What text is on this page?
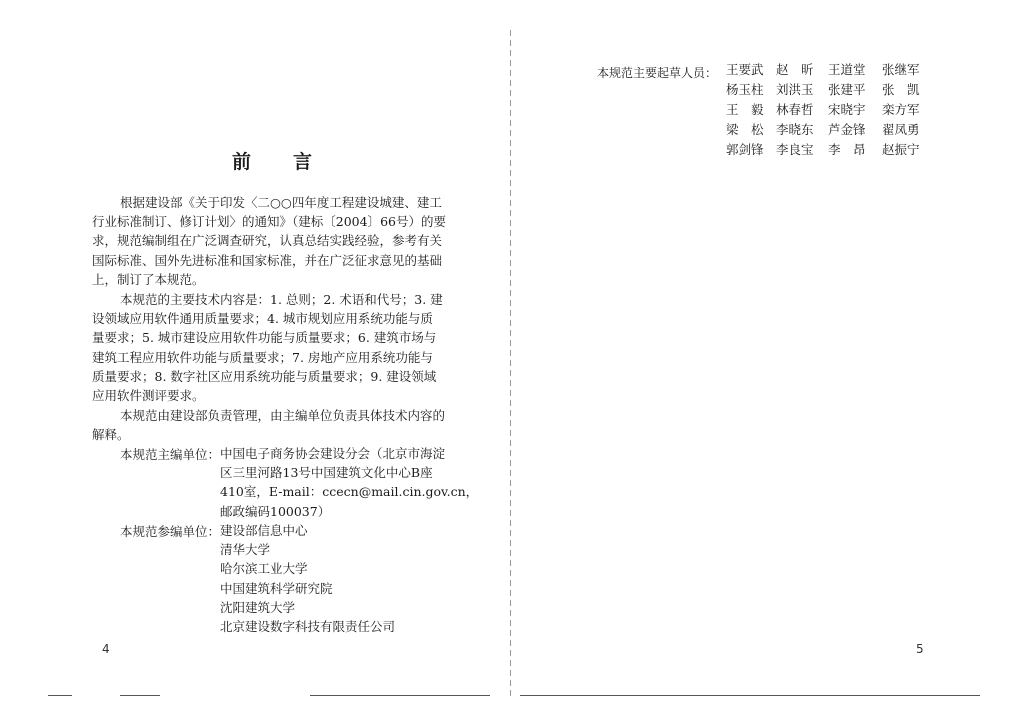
前 言
根据建设部《关于印发〈二○○四年度工程建设城建、建工
行业标准制订、修订计划〉的通知》（建标〔2004〕66号）的要
求，规范编制组在广泛调查研究，认真总结实践经验，参考有关
国际标准、国外先进标准和国家标准，并在广泛征求意见的基础
上，制订了本规范。
本规范的主要技术内容是：1. 总则；2. 术语和代号；3. 建
设领域应用软件通用质量要求；4. 城市规划应用系统功能与质
量要求；5. 城市建设应用软件功能与质量要求；6. 建筑市场与
建筑工程应用软件功能与质量要求；7. 房地产应用系统功能与
质量要求；8. 数字社区应用系统功能与质量要求；9. 建设领域
应用软件测评要求。
本规范由建设部负责管理，由主编单位负责具体技术内容的
解释。
本规范主编单位： 中国电子商务协会建设分会（北京市海淀
区三里河路13号中国建筑文化中心B座
410室，E-mail：ccecn@mail.cin.gov.cn，
邮政编码100037）
本规范参编单位： 建设部信息中心
清华大学
哈尔滨工业大学
中国建筑科学研究院
沈阳建筑大学
北京建设数字科技有限责任公司
4
本规范主要起草人员： 王要武 赵　昕	王道堂	张继军
杨玉柱 刘洪玉	张建平	张　凯
王　毅 林春哲	宋晓宇	栾方军
梁　松 李晓东	芦金锋	翟凤勇
郭剑锋 李良宝	李　昂	赵振宁
5
